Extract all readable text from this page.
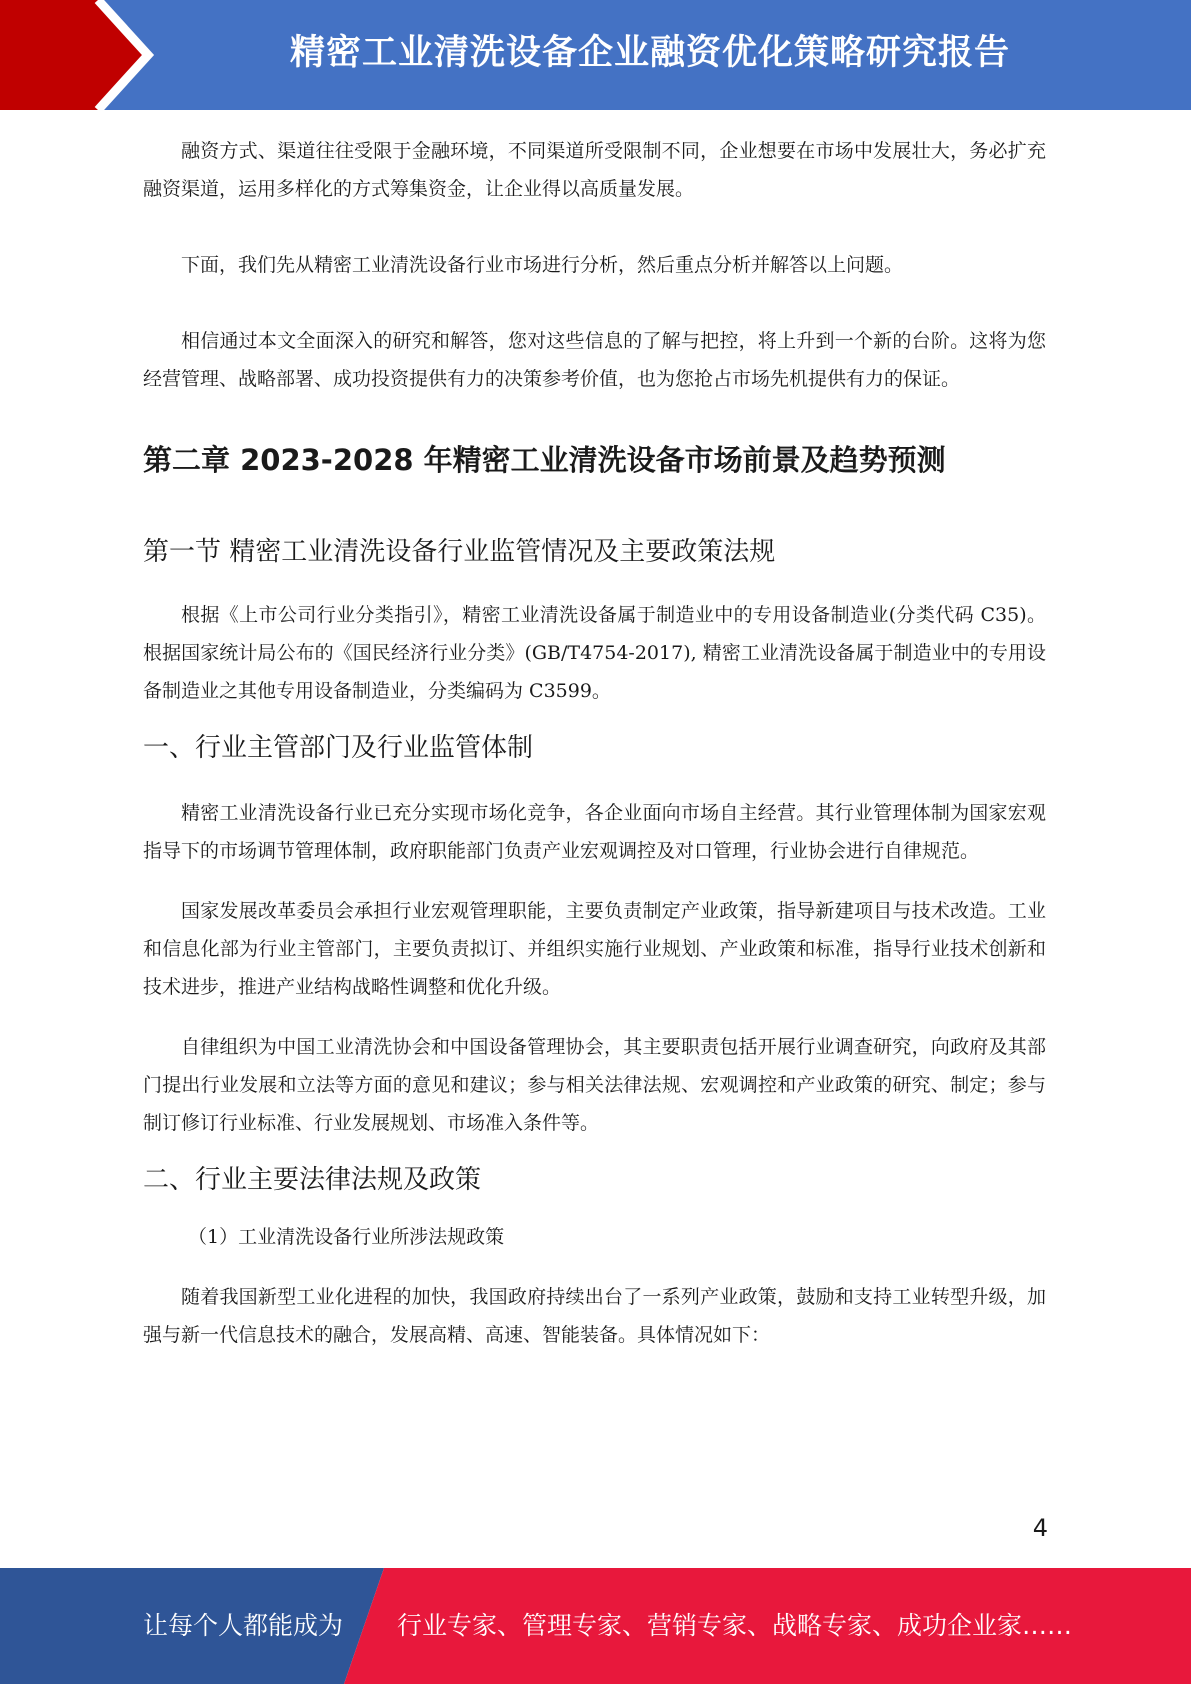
精密工业清洗设备企业融资优化策略研究报告

融资方式、渠道往往受限于金融环境，不同渠道所受限制不同，企业想要在市场中发展壮大，务必扩充融资渠道，运用多样化的方式筹集资金，让企业得以高质量发展。

下面，我们先从精密工业清洗设备行业市场进行分析，然后重点分析并解答以上问题。

相信通过本文全面深入的研究和解答，您对这些信息的了解与把控，将上升到一个新的台阶。这将为您经营管理、战略部署、成功投资提供有力的决策参考价值，也为您抢占市场先机提供有力的保证。

第二章 2023-2028 年精密工业清洗设备市场前景及趋势预测
第一节 精密工业清洗设备行业监管情况及主要政策法规

根据《上市公司行业分类指引》，精密工业清洗设备属于制造业中的专用设备制造业(分类代码 C35)。根据国家统计局公布的《国民经济行业分类》(GB/T4754-2017), 精密工业清洗设备属于制造业中的专用设备制造业之其他专用设备制造业，分类编码为 C3599。

一、行业主管部门及行业监管体制

精密工业清洗设备行业已充分实现市场化竞争，各企业面向市场自主经营。其行业管理体制为国家宏观指导下的市场调节管理体制，政府职能部门负责产业宏观调控及对口管理，行业协会进行自律规范。

国家发展改革委员会承担行业宏观管理职能，主要负责制定产业政策，指导新建项目与技术改造。工业和信息化部为行业主管部门，主要负责拟订、并组织实施行业规划、产业政策和标准，指导行业技术创新和技术进步，推进产业结构战略性调整和优化升级。

自律组织为中国工业清洗协会和中国设备管理协会，其主要职责包括开展行业调查研究，向政府及其部门提出行业发展和立法等方面的意见和建议；参与相关法律法规、宏观调控和产业政策的研究、制定；参与制订修订行业标准、行业发展规划、市场准入条件等。

二、行业主要法律法规及政策

（1）工业清洗设备行业所涉法规政策

随着我国新型工业化进程的加快，我国政府持续出台了一系列产业政策，鼓励和支持工业转型升级，加强与新一代信息技术的融合，发展高精、高速、智能装备。具体情况如下：

4
让每个人都能成为 行业专家、管理专家、营销专家、战略专家、成功企业家……
